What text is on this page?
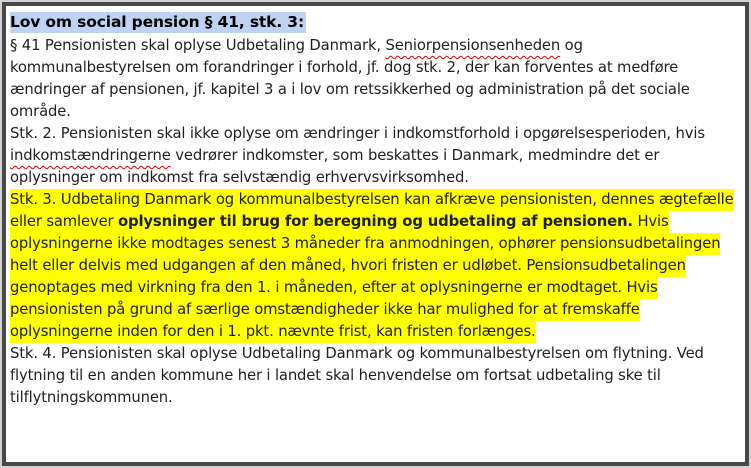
Lov om social pension § 41, stk. 3:

§ 41 Pensionisten skal oplyse Udbetaling Danmark, Seniorpensionsenheden og kommunalbestyrelsen om forandringer i forhold, jf. dog stk. 2, der kan forventes at medføre ændringer af pensionen, jf. kapitel 3 a i lov om retssikkerhed og administration på det sociale område.

Stk. 2. Pensionisten skal ikke oplyse om ændringer i indkomstforhold i opgørelsesperioden, hvis indkomstændringerne vedrører indkomster, som beskattes i Danmark, medmindre det er oplysninger om indkomst fra selvstændig erhvervsvirksomhed.

Stk. 3. Udbetaling Danmark og kommunalbestyrelsen kan afkræve pensionisten, dennes ægtefælle eller samlever oplysninger til brug for beregning og udbetaling af pensionen. Hvis oplysningerne ikke modtages senest 3 måneder fra anmodningen, ophører pensionsudbetalingen helt eller delvis med udgangen af den måned, hvori fristen er udløbet. Pensionsudbetalingen genoptages med virkning fra den 1. i måneden, efter at oplysningerne er modtaget. Hvis pensionisten på grund af særlige omstændigheder ikke har mulighed for at fremskaffe oplysningerne inden for den i 1. pkt. nævnte frist, kan fristen forlænges.

Stk. 4. Pensionisten skal oplyse Udbetaling Danmark og kommunalbestyrelsen om flytning. Ved flytning til en anden kommune her i landet skal henvendelse om fortsat udbetaling ske til tilflytningskommunen.
